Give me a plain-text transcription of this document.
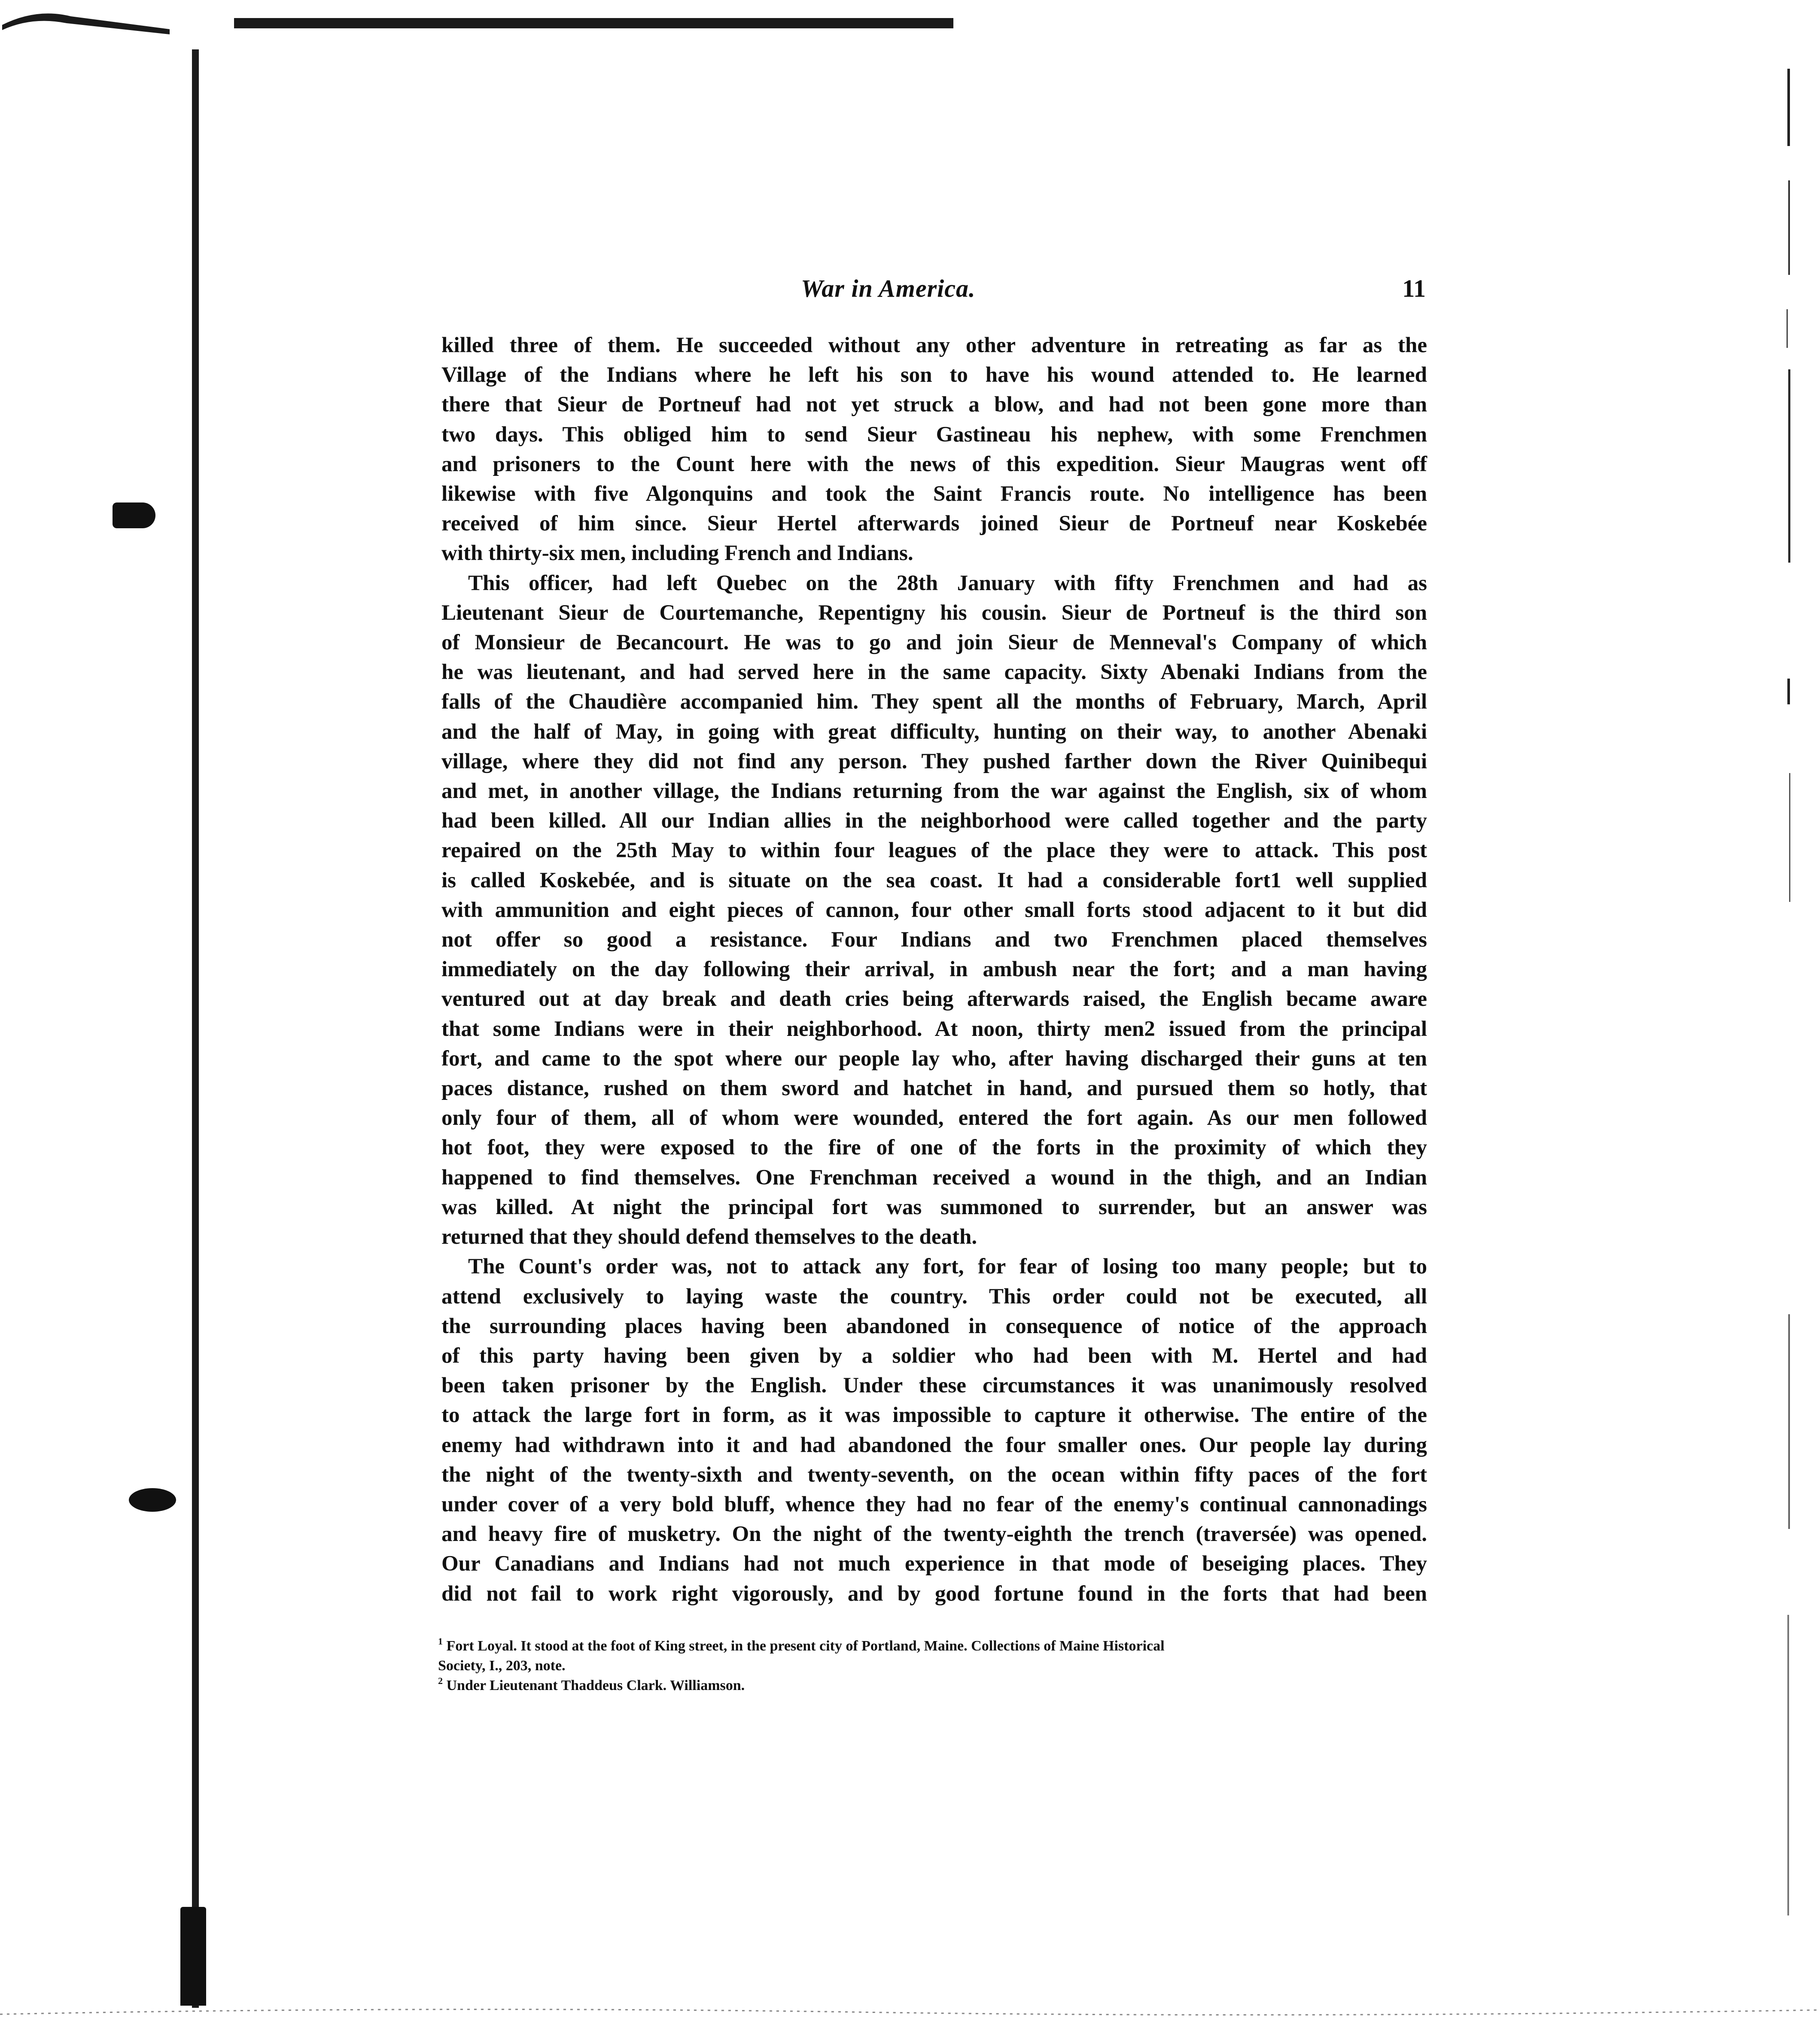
War in America.	11

killed three of them. He succeeded without any other adventure in retreating as far as the
Village of the Indians where he left his son to have his wound attended to. He learned
there that Sieur de Portneuf had not yet struck a blow, and had not been gone more than
two days. This obliged him to send Sieur Gastineau his nephew, with some Frenchmen
and prisoners to the Count here with the news of this expedition. Sieur Maugras went off
likewise with five Algonquins and took the Saint Francis route. No intelligence has been
received of him since. Sieur Hertel afterwards joined Sieur de Portneuf near Koskebée
with thirty-six men, including French and Indians.

This officer, had left Quebec on the 28th January with fifty Frenchmen and had as
Lieutenant Sieur de Courtemanche, Repentigny his cousin. Sieur de Portneuf is the third son
of Monsieur de Becancourt. He was to go and join Sieur de Menneval's Company of which
he was lieutenant, and had served here in the same capacity. Sixty Abenaki Indians from the
falls of the Chaudière accompanied him. They spent all the months of February, March, April
and the half of May, in going with great difficulty, hunting on their way, to another Abenaki
village, where they did not find any person. They pushed farther down the River Quinibequi
and met, in another village, the Indians returning from the war against the English, six of whom
had been killed. All our Indian allies in the neighborhood were called together and the party
repaired on the 25th May to within four leagues of the place they were to attack. This post
is called Koskebée, and is situate on the sea coast. It had a considerable fort1 well supplied
with ammunition and eight pieces of cannon, four other small forts stood adjacent to it but did
not offer so good a resistance. Four Indians and two Frenchmen placed themselves
immediately on the day following their arrival, in ambush near the fort; and a man having
ventured out at day break and death cries being afterwards raised, the English became aware
that some Indians were in their neighborhood. At noon, thirty men2 issued from the principal
fort, and came to the spot where our people lay who, after having discharged their guns at ten
paces distance, rushed on them sword and hatchet in hand, and pursued them so hotly, that
only four of them, all of whom were wounded, entered the fort again. As our men followed
hot foot, they were exposed to the fire of one of the forts in the proximity of which they
happened to find themselves. One Frenchman received a wound in the thigh, and an Indian
was killed. At night the principal fort was summoned to surrender, but an answer was
returned that they should defend themselves to the death.

The Count's order was, not to attack any fort, for fear of losing too many people; but to
attend exclusively to laying waste the country. This order could not be executed, all
the surrounding places having been abandoned in consequence of notice of the approach
of this party having been given by a soldier who had been with M. Hertel and had
been taken prisoner by the English. Under these circumstances it was unanimously resolved
to attack the large fort in form, as it was impossible to capture it otherwise. The entire of the
enemy had withdrawn into it and had abandoned the four smaller ones. Our people lay during
the night of the twenty-sixth and twenty-seventh, on the ocean within fifty paces of the fort
under cover of a very bold bluff, whence they had no fear of the enemy's continual cannonadings
and heavy fire of musketry. On the night of the twenty-eighth the trench (traversée) was opened.
Our Canadians and Indians had not much experience in that mode of beseiging places. They
did not fail to work right vigorously, and by good fortune found in the forts that had been

$^1$ Fort Loyal. It stood at the foot of King street, in the present city of Portland, Maine. Collections of Maine Historical
Society, I., 203, note.

$^2$ Under Lieutenant Thaddeus Clark. Williamson.
